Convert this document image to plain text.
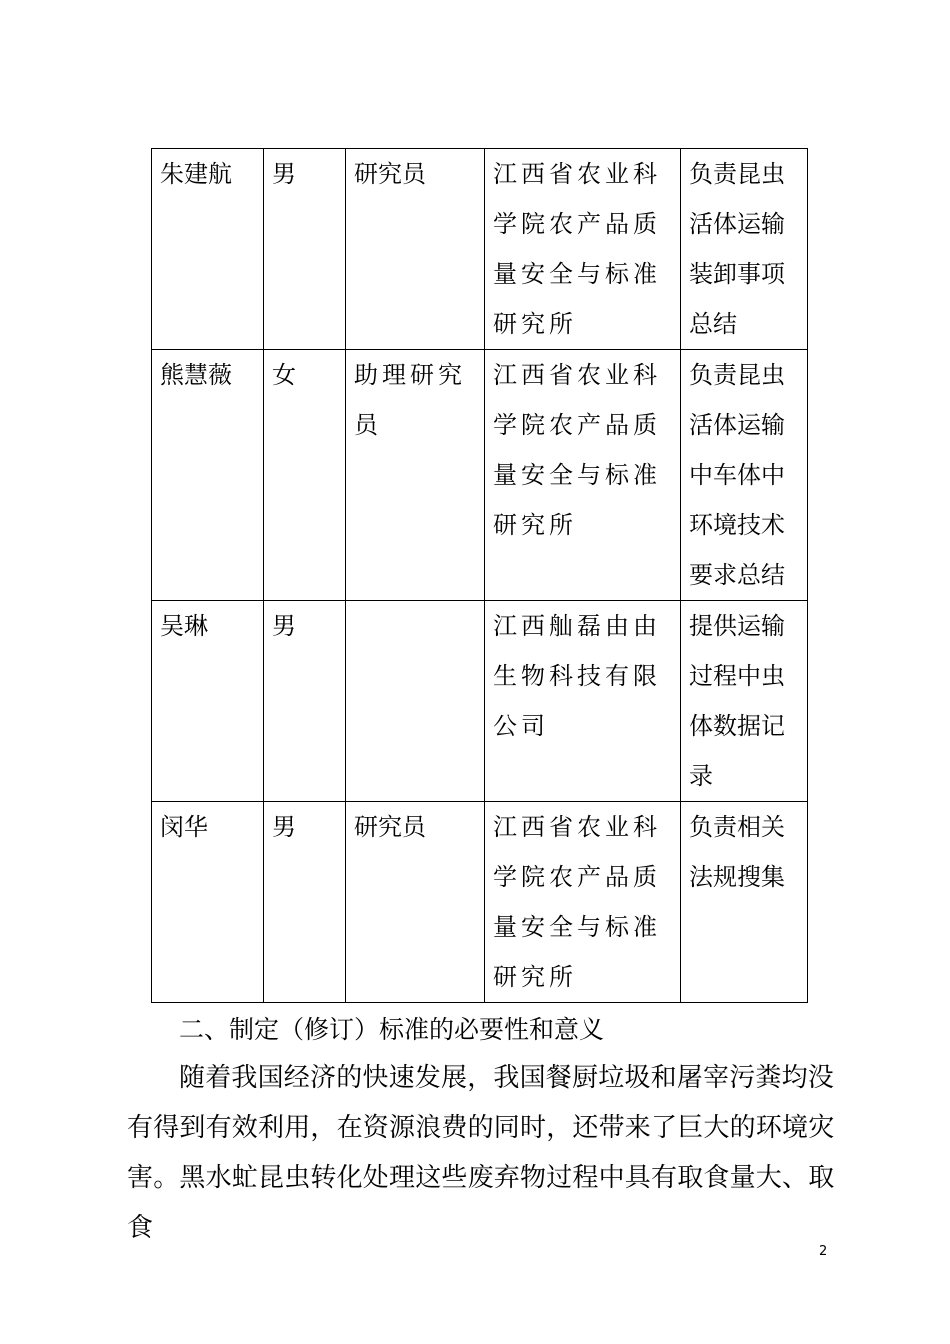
朱建航	男	研究员	江西省农业科学院农产品质量安全与标准研究所	负责昆虫活体运输装卸事项总结

熊慧薇	女	助理研究员	江西省农业科学院农产品质量安全与标准研究所	负责昆虫活体运输中车体中环境技术要求总结

吴琳	男		江西舢磊由由生物科技有限公司	提供运输过程中虫体数据记录

闵华	男	研究员	江西省农业科学院农产品质量安全与标准研究所	负责相关法规搜集
二、制定（修订）标准的必要性和意义

随着我国经济的快速发展，我国餐厨垃圾和屠宰污粪均没有得到有效利用，在资源浪费的同时，还带来了巨大的环境灾害。黑水虻昆虫转化处理这些废弃物过程中具有取食量大、取食

2
